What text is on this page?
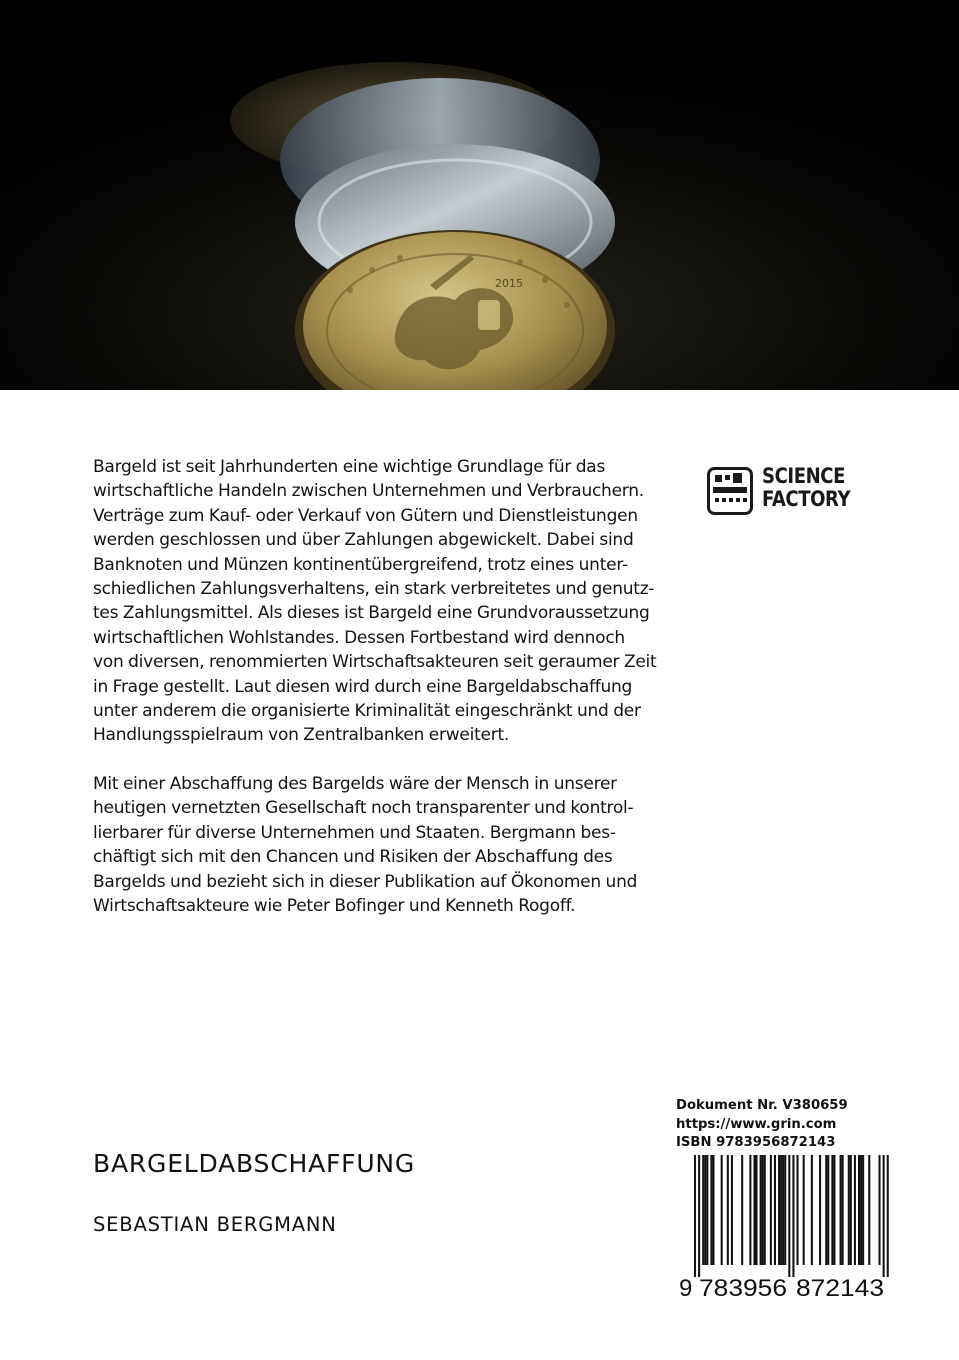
2015

Bargeld ist seit Jahrhunderten eine wichtige Grundlage für das
wirtschaftliche Handeln zwischen Unternehmen und Verbrauchern.
Verträge zum Kauf- oder Verkauf von Gütern und Dienstleistungen
werden geschlossen und über Zahlungen abgewickelt. Dabei sind
Banknoten und Münzen kontinentübergreifend, trotz eines unter-
schiedlichen Zahlungsverhaltens, ein stark verbreitetes und genutz-
tes Zahlungsmittel. Als dieses ist Bargeld eine Grundvoraussetzung
wirtschaftlichen Wohlstandes. Dessen Fortbestand wird dennoch
von diversen, renommierten Wirtschaftsakteuren seit geraumer Zeit
in Frage gestellt. Laut diesen wird durch eine Bargeldabschaffung
unter anderem die organisierte Kriminalität eingeschränkt und der
Handlungsspielraum von Zentralbanken erweitert.

Mit einer Abschaffung des Bargelds wäre der Mensch in unserer
heutigen vernetzten Gesellschaft noch transparenter und kontrol-
lierbarer für diverse Unternehmen und Staaten. Bergmann bes-
chäftigt sich mit den Chancen und Risiken der Abschaffung des
Bargelds und bezieht sich in dieser Publikation auf Ökonomen und
Wirtschaftsakteure wie Peter Bofinger und Kenneth Rogoff.

SCIENCE
FACTORY
BARGELDABSCHAFFUNG
SEBASTIAN BERGMANN
Dokument Nr. V380659
https://www.grin.com
ISBN 9783956872143
9 783956 872143
